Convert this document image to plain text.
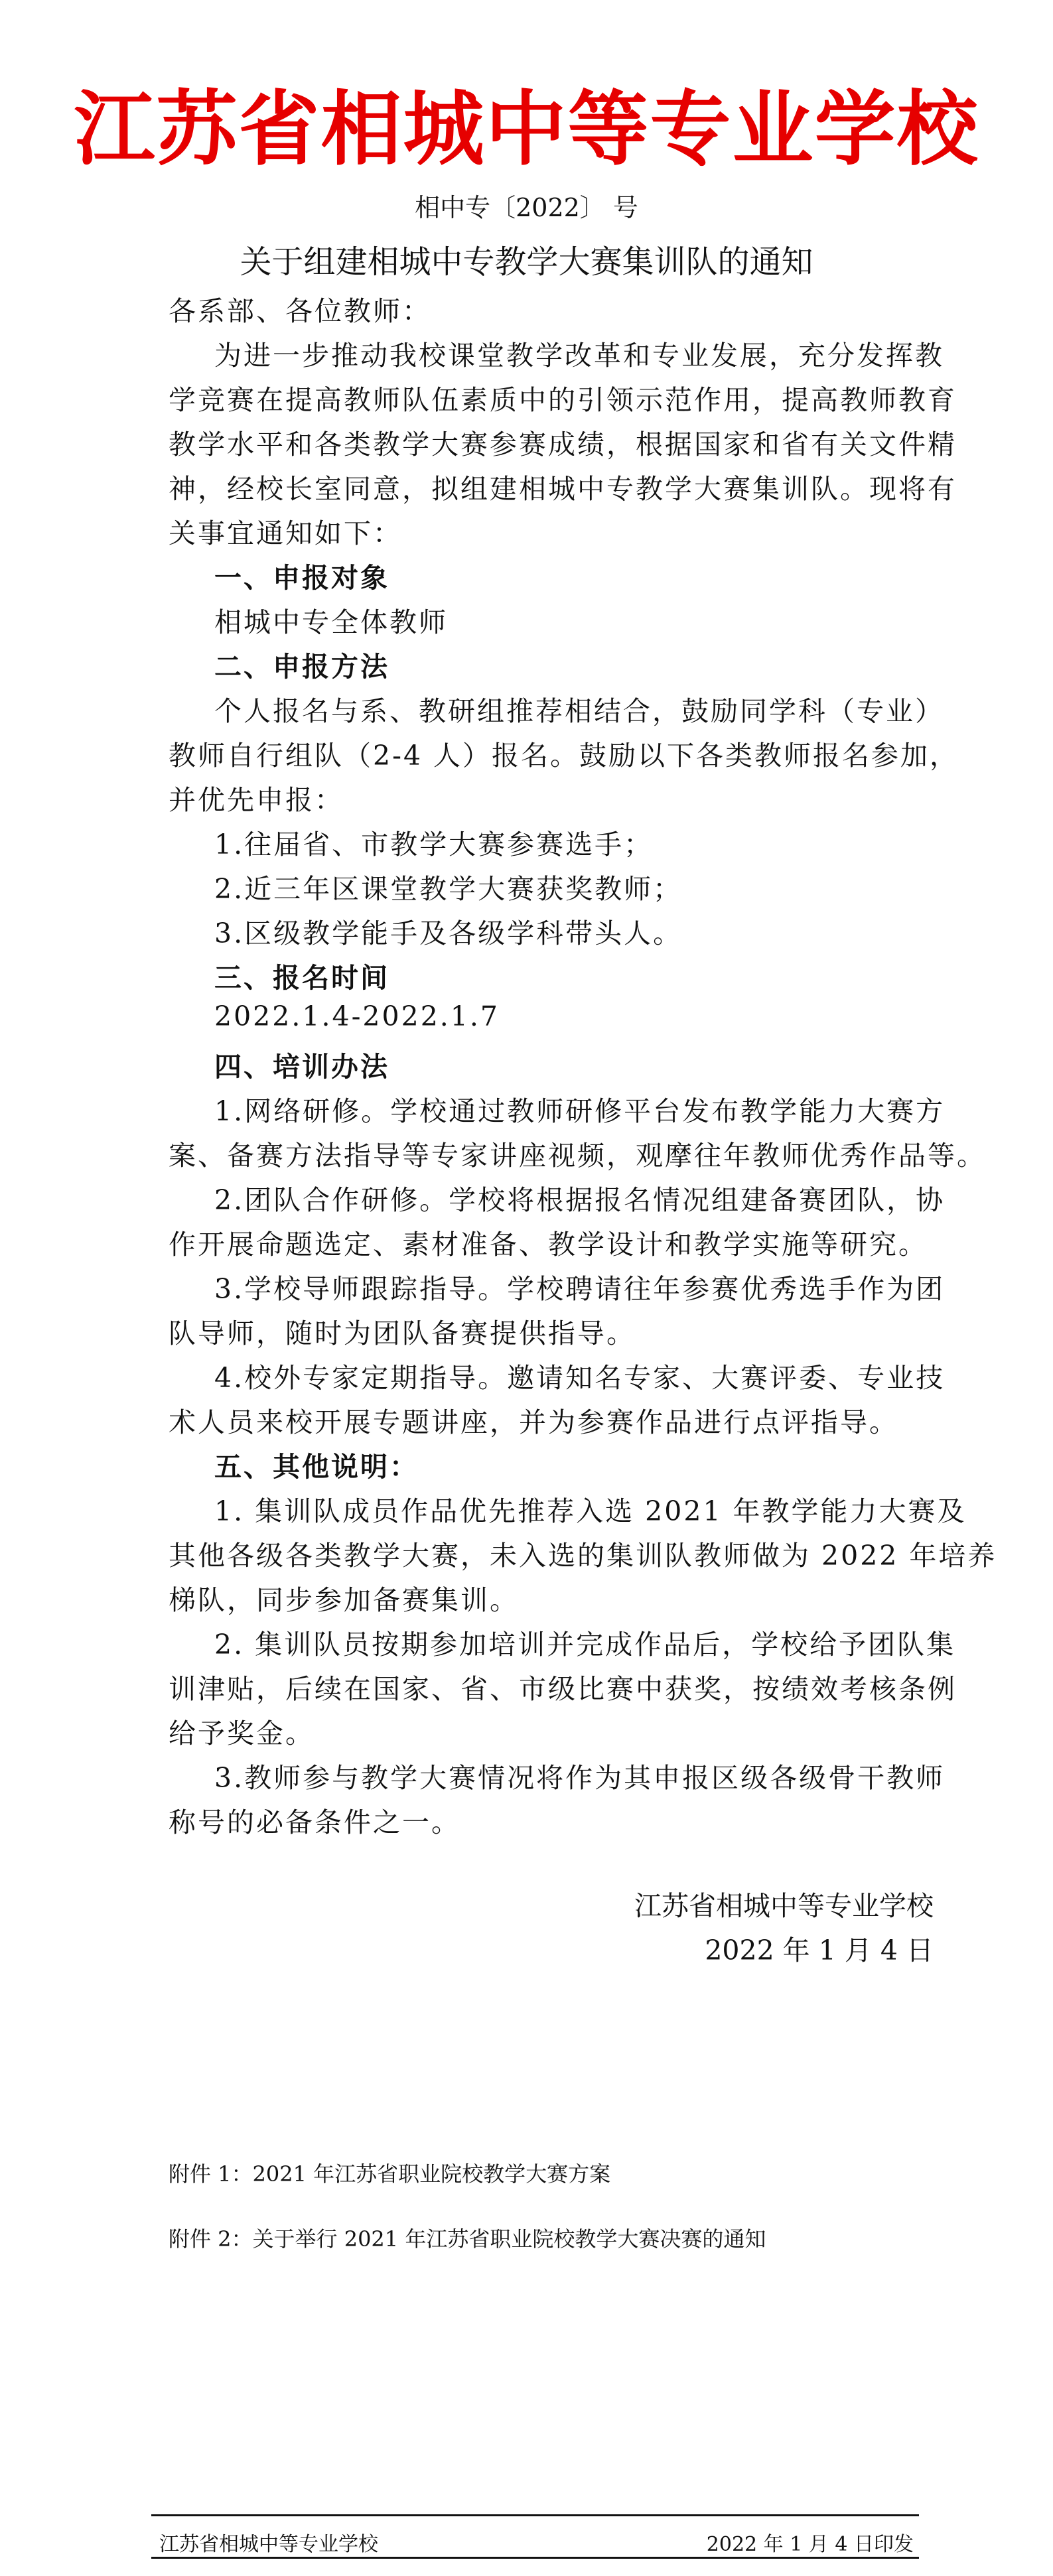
江苏省相城中等专业学校
相中专〔2022〕 号
关于组建相城中专教学大赛集训队的通知
各系部、各位教师：
为进一步推动我校课堂教学改革和专业发展，充分发挥教
学竞赛在提高教师队伍素质中的引领示范作用，提高教师教育
教学水平和各类教学大赛参赛成绩，根据国家和省有关文件精
神，经校长室同意，拟组建相城中专教学大赛集训队。现将有
关事宜通知如下：
一、申报对象
相城中专全体教师
二、申报方法
个人报名与系、教研组推荐相结合，鼓励同学科（专业）
教师自行组队（2-4 人）报名。鼓励以下各类教师报名参加，
并优先申报：
1.往届省、市教学大赛参赛选手；
2.近三年区课堂教学大赛获奖教师；
3.区级教学能手及各级学科带头人。
三、报名时间
2022.1.4-2022.1.7
四、培训办法
1.网络研修。学校通过教师研修平台发布教学能力大赛方
案、备赛方法指导等专家讲座视频，观摩往年教师优秀作品等。
2.团队合作研修。学校将根据报名情况组建备赛团队，协
作开展命题选定、素材准备、教学设计和教学实施等研究。
3.学校导师跟踪指导。学校聘请往年参赛优秀选手作为团
队导师，随时为团队备赛提供指导。
4.校外专家定期指导。邀请知名专家、大赛评委、专业技
术人员来校开展专题讲座，并为参赛作品进行点评指导。
五、其他说明：
1. 集训队成员作品优先推荐入选 2021 年教学能力大赛及
其他各级各类教学大赛，未入选的集训队教师做为 2022 年培养
梯队，同步参加备赛集训。
2. 集训队员按期参加培训并完成作品后，学校给予团队集
训津贴，后续在国家、省、市级比赛中获奖，按绩效考核条例
给予奖金。
3.教师参与教学大赛情况将作为其申报区级各级骨干教师
称号的必备条件之一。
江苏省相城中等专业学校
2022 年 1 月 4 日
附件 1：2021 年江苏省职业院校教学大赛方案
附件 2：关于举行 2021 年江苏省职业院校教学大赛决赛的通知
江苏省相城中等专业学校	2022 年 1 月 4 日印发
